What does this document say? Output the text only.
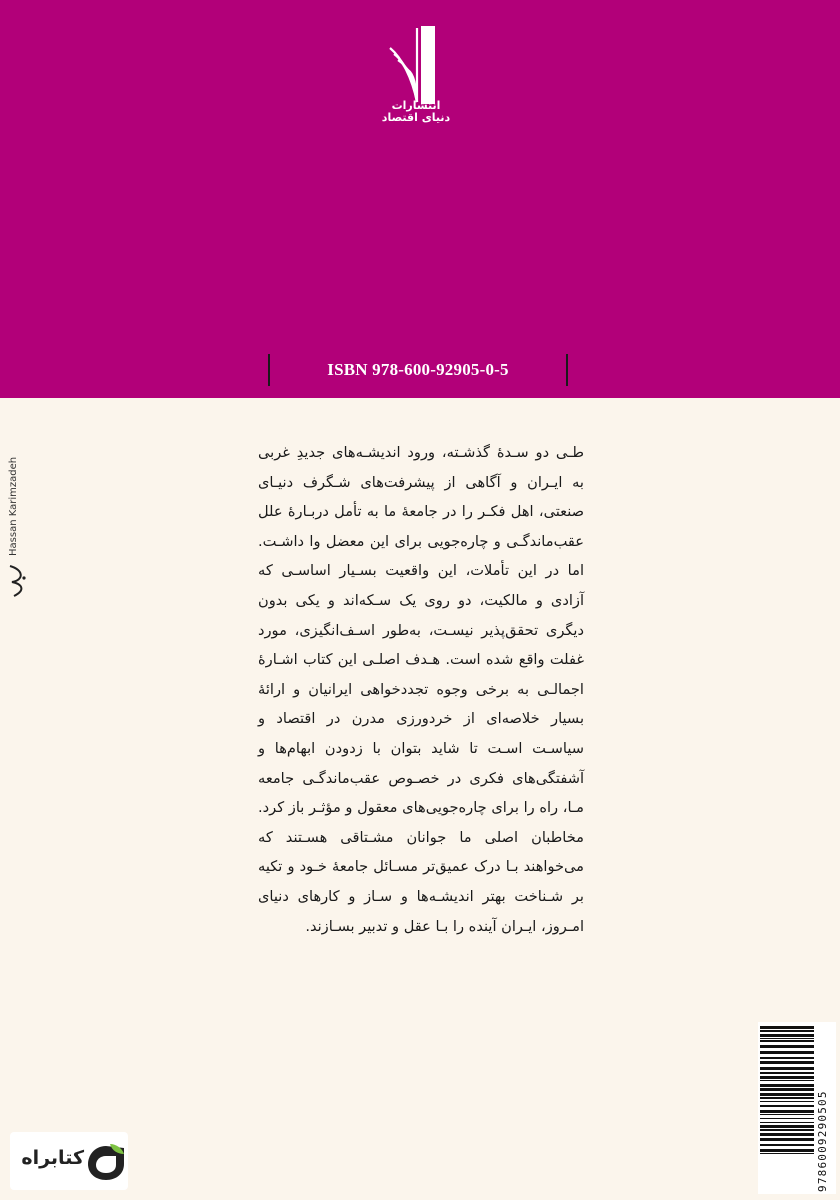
انتشارات
دنیای اقتصاد
ISBN 978-600-92905-0-5
Hassan Karimzadeh
طـی دو سـدۀ گذشـته، ورود اندیشـه‌های جدیدِ غربی به ایـران و آگاهی از پیشرفت‌های شـگرف دنیـای صنعتی، اهل فکـر را در جامعۀ ما به تأمل دربـارۀ علل عقب‌ماندگـی و چاره‌جویی برای این معضل وا داشـت. اما در این تأملات، این واقعیت بسـیار اساسـی که آزادی و مالکیت، دو روی یک سـکه‌اند و یکی بدون دیگری تحقق‌پذیر نیسـت، به‌طور اسـف‌انگیزی، مورد غفلت واقع شده است. هـدف اصلـی این کتاب اشـارۀ اجمالـی به برخی وجوه تجددخواهی ایرانیان و ارائۀ بسیار خلاصه‌ای از خردورزی مدرن در اقتصاد و سیاسـت اسـت تا شاید بتوان با زدودن ابهام‌ها و آشفتگی‌های فکری در خصـوص عقب‌ماندگـی جامعه مـا، راه را برای چاره‌جویی‌های معقول و مؤثـر باز کرد. مخاطبان اصلی ما جوانان مشـتاقی هسـتند که می‌خواهند بـا درک عمیق‌تر مسـائل جامعۀ خـود و تکیه بر شـناخت بهتر اندیشـه‌ها و سـاز و کارهای دنیای امـروز، ایـران آینده را بـا عقل و تدبیر بسـازند.
9786009290505
کتابراه
